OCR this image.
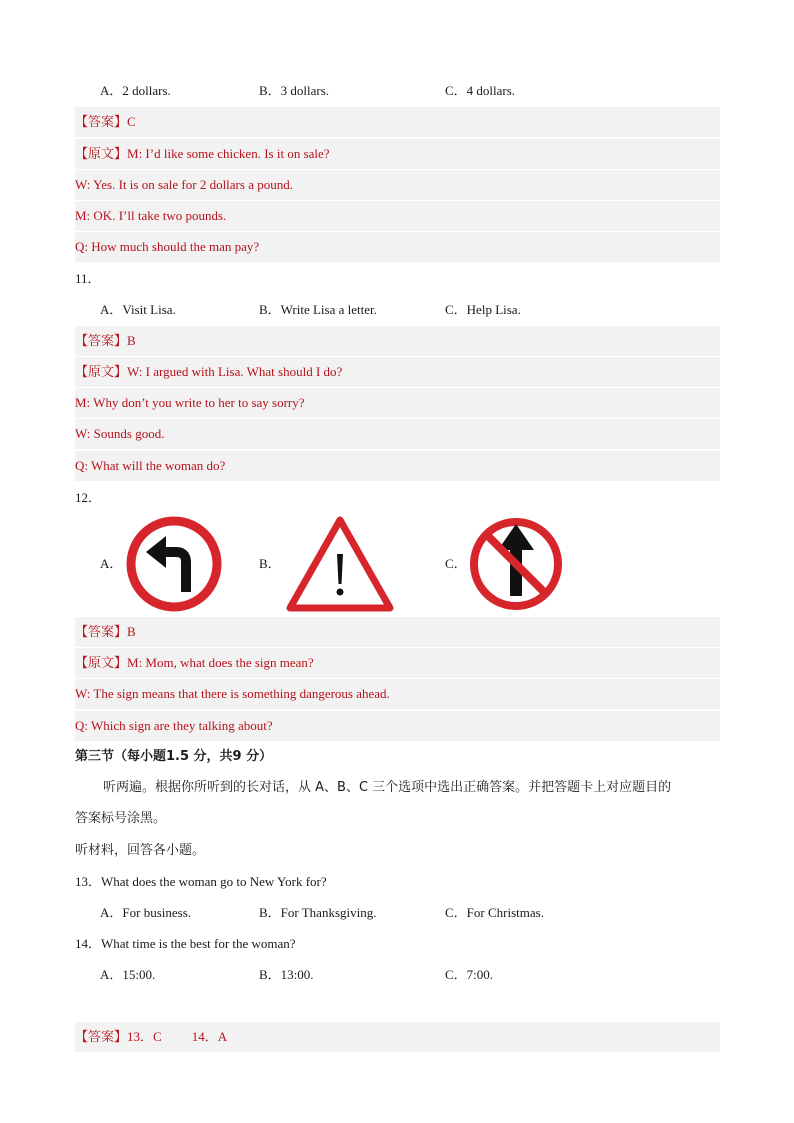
A．2 dollars.	B．3 dollars.	C．4 dollars.
【答案】C
【原文】M: I’d like some chicken. Is it on sale?
W: Yes. It is on sale for 2 dollars a pound.
M: OK. I’ll take two pounds.
Q: How much should the man pay?
11．
A．Visit Lisa.	B．Write Lisa a letter.	C．Help Lisa.
【答案】B
【原文】W: I argued with Lisa. What should I do?
M: Why don’t you write to her to say sorry?
W: Sounds good.
Q: What will the woman do?
12．
A．	B．	C．
【答案】B
【原文】M: Mom, what does the sign mean?
W: The sign means that there is something dangerous ahead.
Q: Which sign are they talking about?
第三节（每小题1.5 分，共9 分）
听两遍。根据你所听到的长对话，从 A、B、C 三个选项中选出正确答案。并把答题卡上对应题目的
答案标号涂黑。
听材料，回答各小题。
13．What does the woman go to New York for?
A．For business.	B．For Thanksgiving.	C．For Christmas.
14．What time is the best for the woman?
A．15:00.	B．13:00.	C．7:00.
【答案】13．C 14．A
